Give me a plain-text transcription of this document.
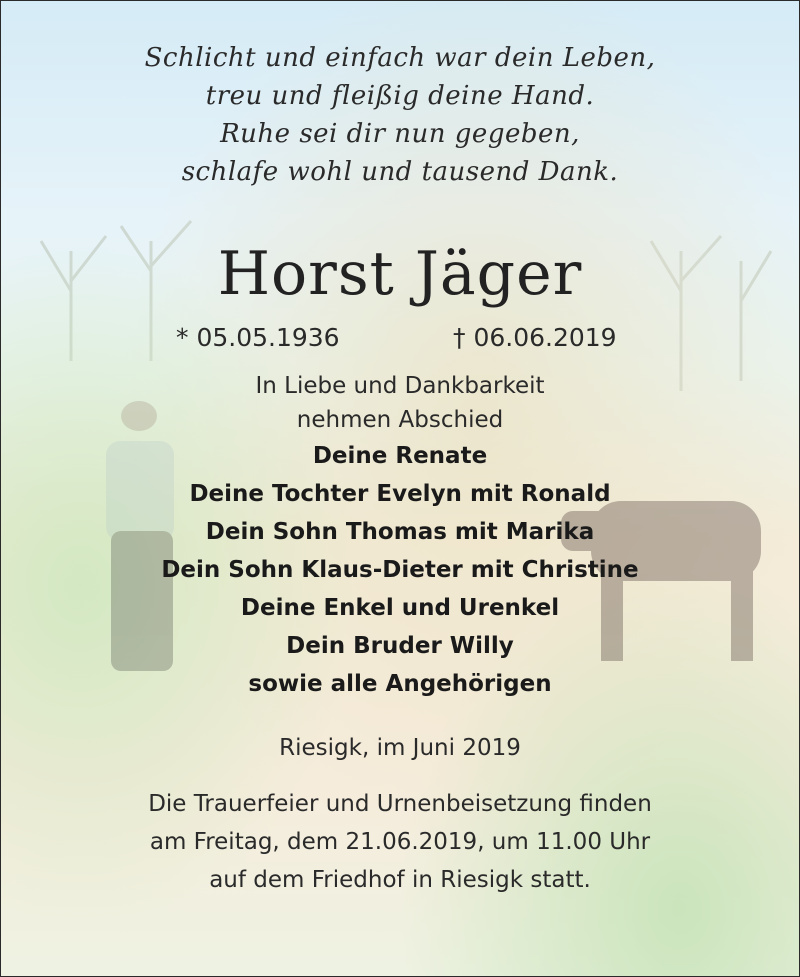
Schlicht und einfach war dein Leben,
treu und fleißig deine Hand.
Ruhe sei dir nun gegeben,
schlafe wohl und tausend Dank.
Horst Jäger
* 05.05.1936	† 06.06.2019
In Liebe und Dankbarkeit
nehmen Abschied
Deine Renate
Deine Tochter Evelyn mit Ronald
Dein Sohn Thomas mit Marika
Dein Sohn Klaus-Dieter mit Christine
Deine Enkel und Urenkel
Dein Bruder Willy
sowie alle Angehörigen
Riesigk, im Juni 2019
Die Trauerfeier und Urnenbeisetzung finden
am Freitag, dem 21.06.2019, um 11.00 Uhr
auf dem Friedhof in Riesigk statt.
